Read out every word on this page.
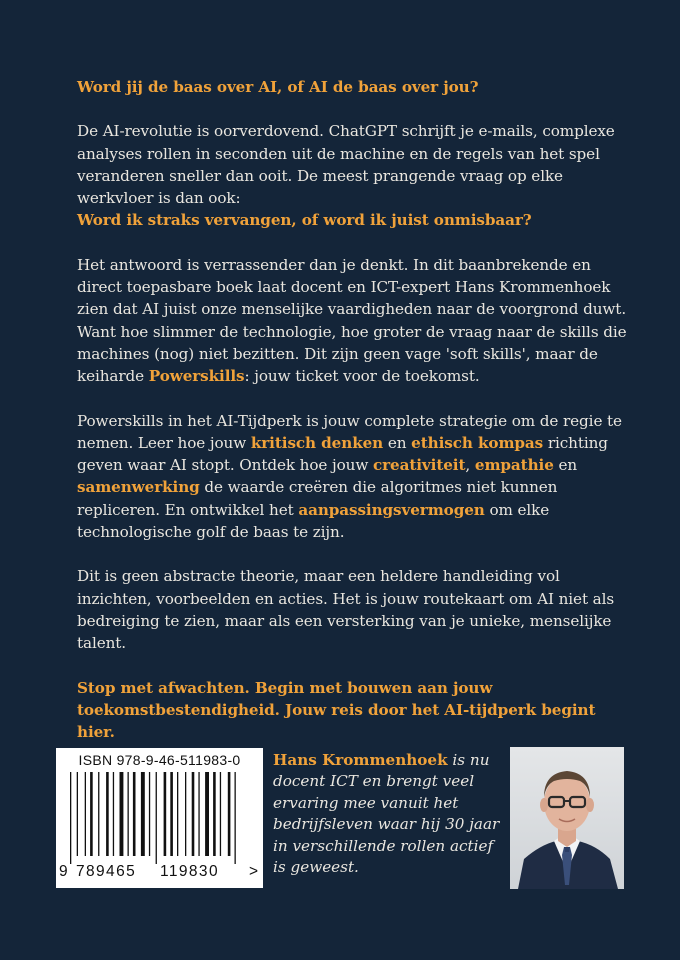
Word jij de baas over AI, of AI de baas over jou?

De AI-revolutie is oorverdovend. ChatGPT schrijft je e-mails, complexe analyses rollen in seconden uit de machine en de regels van het spel veranderen sneller dan ooit. De meest prangende vraag op elke werkvloer is dan ook:
Word ik straks vervangen, of word ik juist onmisbaar?

Het antwoord is verrassender dan je denkt. In dit baanbrekende en direct toepasbare boek laat docent en ICT-expert Hans Krommenhoek zien dat AI juist onze menselijke vaardigheden naar de voorgrond duwt. Want hoe slimmer de technologie, hoe groter de vraag naar de skills die machines (nog) niet bezitten. Dit zijn geen vage 'soft skills', maar de keiharde Powerskills: jouw ticket voor de toekomst.

Powerskills in het AI-Tijdperk is jouw complete strategie om de regie te nemen. Leer hoe jouw kritisch denken en ethisch kompas richting geven waar AI stopt. Ontdek hoe jouw creativiteit, empathie en samenwerking de waarde creëren die algoritmes niet kunnen repliceren. En ontwikkel het aanpassingsvermogen om elke technologische golf de baas te zijn.

Dit is geen abstracte theorie, maar een heldere handleiding vol inzichten, voorbeelden en acties. Het is jouw routekaart om AI niet als bedreiging te zien, maar als een versterking van je unieke, menselijke talent.

Stop met afwachten. Begin met bouwen aan jouw toekomstbestendigheid. Jouw reis door het AI-tijdperk begint hier.

ISBN 978-9-46-511983-0
9 789465 119830 >
Hans Krommenhoek is nu docent ICT en brengt veel ervaring mee vanuit het bedrijfsleven waar hij 30 jaar in verschillende rollen actief is geweest.
